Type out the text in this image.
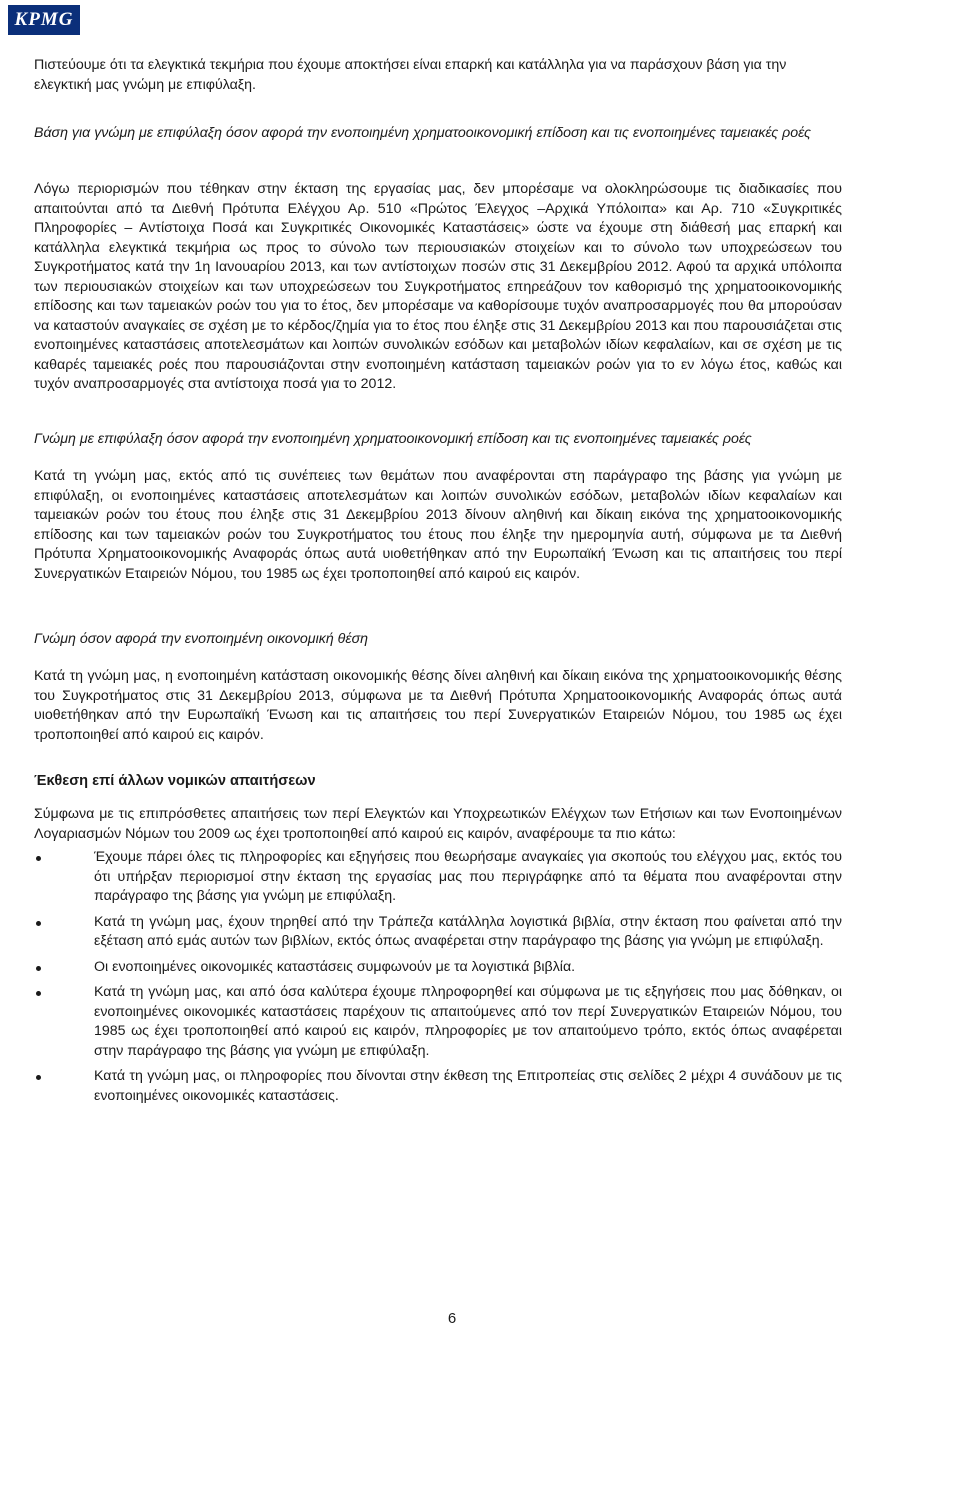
KPMG

Πιστεύουμε ότι τα ελεγκτικά τεκμήρια που έχουμε αποκτήσει είναι επαρκή και κατάλληλα για να παράσχουν βάση για την ελεγκτική μας γνώμη με επιφύλαξη.

Βάση για γνώμη με επιφύλαξη όσον αφορά την ενοποιημένη χρηματοοικονομική επίδοση και τις ενοποιημένες ταμειακές ροές

Λόγω περιορισμών που τέθηκαν στην έκταση της εργασίας μας, δεν μπορέσαμε να ολοκληρώσουμε τις διαδικασίες που απαιτούνται από τα Διεθνή Πρότυπα Ελέγχου Αρ. 510 «Πρώτος Έλεγχος –Αρχικά Υπόλοιπα» και Αρ. 710 «Συγκριτικές Πληροφορίες – Αντίστοιχα Ποσά και Συγκριτικές Οικονομικές Καταστάσεις» ώστε να έχουμε στη διάθεσή μας επαρκή και κατάλληλα ελεγκτικά τεκμήρια ως προς το σύνολο των περιουσιακών στοιχείων και το σύνολο των υποχρεώσεων του Συγκροτήματος κατά την 1η Ιανουαρίου 2013, και των αντίστοιχων ποσών στις 31 Δεκεμβρίου 2012. Αφού τα αρχικά υπόλοιπα των περιουσιακών στοιχείων και των υποχρεώσεων του Συγκροτήματος επηρεάζουν τον καθορισμό της χρηματοοικονομικής επίδοσης και των ταμειακών ροών του για το έτος, δεν μπορέσαμε να καθορίσουμε τυχόν αναπροσαρμογές που θα μπορούσαν να καταστούν αναγκαίες σε σχέση με το κέρδος/ζημία για το έτος που έληξε στις 31 Δεκεμβρίου 2013 και που παρουσιάζεται στις ενοποιημένες καταστάσεις αποτελεσμάτων και λοιπών συνολικών εσόδων και μεταβολών ιδίων κεφαλαίων, και σε σχέση με τις καθαρές ταμειακές ροές που παρουσιάζονται στην ενοποιημένη κατάσταση ταμειακών ροών για το εν λόγω έτος, καθώς και τυχόν αναπροσαρμογές στα αντίστοιχα ποσά για το 2012.

Γνώμη με επιφύλαξη όσον αφορά την ενοποιημένη χρηματοοικονομική επίδοση και τις ενοποιημένες ταμειακές ροές

Κατά τη γνώμη μας, εκτός από τις συνέπειες των θεμάτων που αναφέρονται στη παράγραφο της βάσης για γνώμη με επιφύλαξη, οι ενοποιημένες καταστάσεις αποτελεσμάτων και λοιπών συνολικών εσόδων, μεταβολών ιδίων κεφαλαίων και ταμειακών ροών του έτους που έληξε στις 31 Δεκεμβρίου 2013 δίνουν αληθινή και δίκαιη εικόνα της χρηματοοικονομικής επίδοσης και των ταμειακών ροών του Συγκροτήματος του έτους που έληξε την ημερομηνία αυτή, σύμφωνα με τα Διεθνή Πρότυπα Χρηματοοικονομικής Αναφοράς όπως αυτά υιοθετήθηκαν από την Ευρωπαϊκή Ένωση και τις απαιτήσεις του περί Συνεργατικών Εταιρειών Νόμου, του 1985 ως έχει τροποποιηθεί από καιρού εις καιρόν.

Γνώμη όσον αφορά την ενοποιημένη οικονομική θέση

Κατά τη γνώμη μας, η ενοποιημένη κατάσταση οικονομικής θέσης δίνει αληθινή και δίκαιη εικόνα της χρηματοοικονομικής θέσης του Συγκροτήματος στις 31 Δεκεμβρίου 2013, σύμφωνα με τα Διεθνή Πρότυπα Χρηματοοικονομικής Αναφοράς όπως αυτά υιοθετήθηκαν από την Ευρωπαϊκή Ένωση και τις απαιτήσεις του περί Συνεργατικών Εταιρειών Νόμου, του 1985 ως έχει τροποποιηθεί από καιρού εις καιρόν.

Έκθεση επί άλλων νομικών απαιτήσεων

Σύμφωνα με τις επιπρόσθετες απαιτήσεις των περί Ελεγκτών και Υποχρεωτικών Ελέγχων των Ετήσιων και των Ενοποιημένων Λογαριασμών Νόμων του 2009 ως έχει τροποποιηθεί από καιρού εις καιρόν, αναφέρουμε τα πιο κάτω:

Έχουμε πάρει όλες τις πληροφορίες και εξηγήσεις που θεωρήσαμε αναγκαίες για σκοπούς του ελέγχου μας, εκτός του ότι υπήρξαν περιορισμοί στην έκταση της εργασίας μας που περιγράφηκε από τα θέματα που αναφέρονται στην παράγραφο της βάσης για γνώμη με επιφύλαξη.
Κατά τη γνώμη μας, έχουν τηρηθεί από την Τράπεζα κατάλληλα λογιστικά βιβλία, στην έκταση που φαίνεται από την εξέταση από εμάς αυτών των βιβλίων, εκτός όπως αναφέρεται στην παράγραφο της βάσης για γνώμη με επιφύλαξη.
Οι ενοποιημένες οικονομικές καταστάσεις συμφωνούν με τα λογιστικά βιβλία.
Κατά τη γνώμη μας, και από όσα καλύτερα έχουμε πληροφορηθεί και σύμφωνα με τις εξηγήσεις που μας δόθηκαν, οι ενοποιημένες οικονομικές καταστάσεις παρέχουν τις απαιτούμενες από τον περί Συνεργατικών Εταιρειών Νόμου, του 1985 ως έχει τροποποιηθεί από καιρού εις καιρόν, πληροφορίες με τον απαιτούμενο τρόπο, εκτός όπως αναφέρεται στην παράγραφο της βάσης για γνώμη με επιφύλαξη.
Κατά τη γνώμη μας, οι πληροφορίες που δίνονται στην έκθεση της Επιτροπείας στις σελίδες 2 μέχρι 4 συνάδουν με τις ενοποιημένες οικονομικές καταστάσεις.
6
